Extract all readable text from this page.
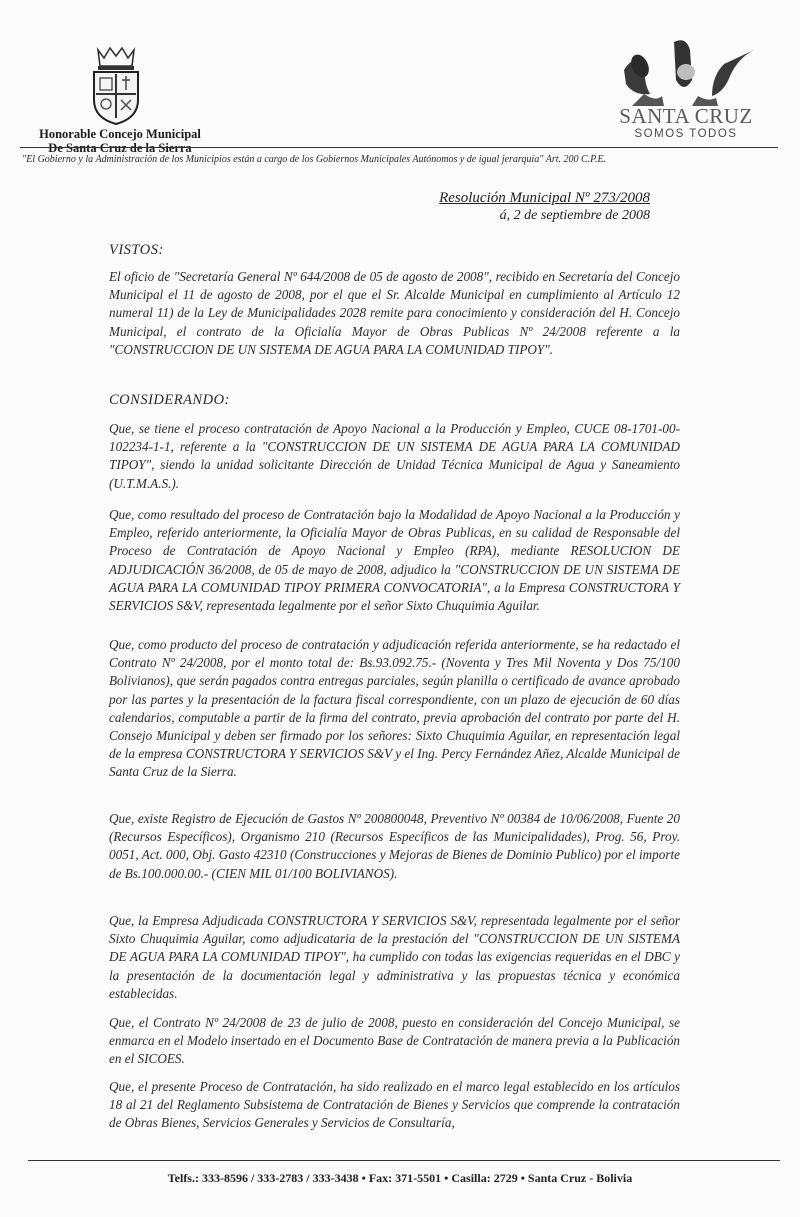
Honorable Concejo Municipal
De Santa Cruz de la Sierra
SANTA CRUZ
SOMOS TODOS
"El Gobierno y la Administración de los Municipios están a cargo de los Gobiernos Municipales Autónomos y de igual jerarquía" Art. 200 C.P.E.
Resolución Municipal Nº 273/2008
á, 2 de septiembre de 2008
VISTOS:
El oficio de "Secretaría General Nº 644/2008 de 05 de agosto de 2008", recibido en Secretaría del Concejo Municipal el 11 de agosto de 2008, por el que el Sr. Alcalde Municipal en cumplimiento al Artículo 12 numeral 11) de la Ley de Municipalidades 2028 remite para conocimiento y consideración del H. Concejo Municipal, el contrato de la Oficialía Mayor de Obras Publicas Nº 24/2008 referente a la "CONSTRUCCION DE UN SISTEMA DE AGUA PARA LA COMUNIDAD TIPOY".
CONSIDERANDO:
Que, se tiene el proceso contratación de Apoyo Nacional a la Producción y Empleo, CUCE 08-1701-00-102234-1-1, referente a la "CONSTRUCCION DE UN SISTEMA DE AGUA PARA LA COMUNIDAD TIPOY", siendo la unidad solicitante Dirección de Unidad Técnica Municipal de Agua y Saneamiento (U.T.M.A.S.).
Que, como resultado del proceso de Contratación bajo la Modalidad de Apoyo Nacional a la Producción y Empleo, referido anteriormente, la Oficialía Mayor de Obras Publicas, en su calidad de Responsable del Proceso de Contratación de Apoyo Nacional y Empleo (RPA), mediante RESOLUCION DE ADJUDICACIÓN 36/2008, de 05 de mayo de 2008, adjudico la "CONSTRUCCION DE UN SISTEMA DE AGUA PARA LA COMUNIDAD TIPOY PRIMERA CONVOCATORIA", a la Empresa CONSTRUCTORA Y SERVICIOS S&V, representada legalmente por el señor Sixto Chuquimia Aguilar.
Que, como producto del proceso de contratación y adjudicación referida anteriormente, se ha redactado el Contrato Nº 24/2008, por el monto total de: Bs.93.092.75.- (Noventa y Tres Mil Noventa y Dos 75/100 Bolivianos), que serán pagados contra entregas parciales, según planilla o certificado de avance aprobado por las partes y la presentación de la factura fiscal correspondiente, con un plazo de ejecución de 60 días calendarios, computable a partir de la firma del contrato, previa aprobación del contrato por parte del H. Consejo Municipal y deben ser firmado por los señores: Sixto Chuquimia Aguilar, en representación legal de la empresa CONSTRUCTORA Y SERVICIOS S&V y el Ing. Percy Fernández Añez, Alcalde Municipal de Santa Cruz de la Sierra.
Que, existe Registro de Ejecución de Gastos Nº 200800048, Preventivo Nº 00384 de 10/06/2008, Fuente 20 (Recursos Específicos), Organismo 210 (Recursos Específicos de las Municipalidades), Prog. 56, Proy. 0051, Act. 000, Obj. Gasto 42310 (Construcciones y Mejoras de Bienes de Dominio Publico) por el importe de Bs.100.000.00.- (CIEN MIL 01/100 BOLIVIANOS).
Que, la Empresa Adjudicada CONSTRUCTORA Y SERVICIOS S&V, representada legalmente por el señor Sixto Chuquimia Aguilar, como adjudicataria de la prestación del "CONSTRUCCION DE UN SISTEMA DE AGUA PARA LA COMUNIDAD TIPOY", ha cumplido con todas las exigencias requeridas en el DBC y la presentación de la documentación legal y administrativa y las propuestas técnica y económica establecidas.
Que, el Contrato Nº 24/2008 de 23 de julio de 2008, puesto en consideración del Concejo Municipal, se enmarca en el Modelo insertado en el Documento Base de Contratación de manera previa a la Publicación en el SICOES.
Que, el presente Proceso de Contratación, ha sido realizado en el marco legal establecido en los artículos 18 al 21 del Reglamento Subsistema de Contratación de Bienes y Servicios que comprende la contratación de Obras Bienes, Servicios Generales y Servicios de Consultaría,
Telfs.: 333-8596 / 333-2783 / 333-3438 • Fax: 371-5501 • Casilla: 2729 • Santa Cruz - Bolivia
